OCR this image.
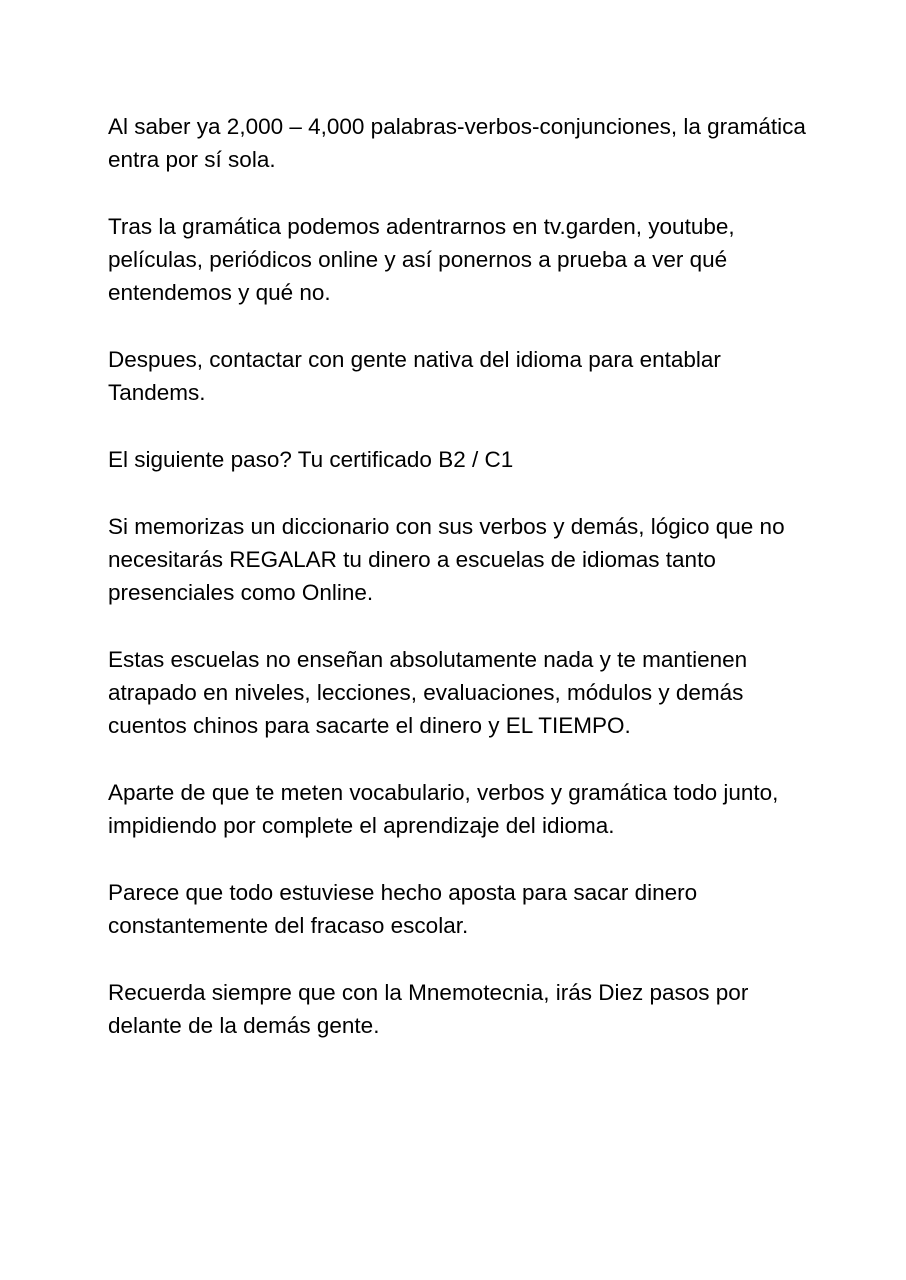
Al saber ya 2,000 – 4,000 palabras-verbos-conjunciones, la gramática entra por sí sola.

Tras la gramática podemos adentrarnos en tv.garden, youtube, películas, periódicos online y así ponernos a prueba a ver qué entendemos y qué no.

Despues, contactar con gente nativa del idioma para entablar Tandems.

El siguiente paso? Tu certificado B2 / C1

Si memorizas un diccionario con sus verbos y demás, lógico que no necesitarás REGALAR tu dinero a escuelas de idiomas tanto presenciales como Online.

Estas escuelas no enseñan absolutamente nada y te mantienen atrapado en niveles, lecciones, evaluaciones, módulos y demás cuentos chinos para sacarte el dinero y EL TIEMPO.

Aparte de que te meten vocabulario, verbos y gramática todo junto, impidiendo por complete el aprendizaje del idioma.

Parece que todo estuviese hecho aposta para sacar dinero constantemente del fracaso escolar.

Recuerda siempre que con la Mnemotecnia, irás Diez pasos por delante de la demás gente.
